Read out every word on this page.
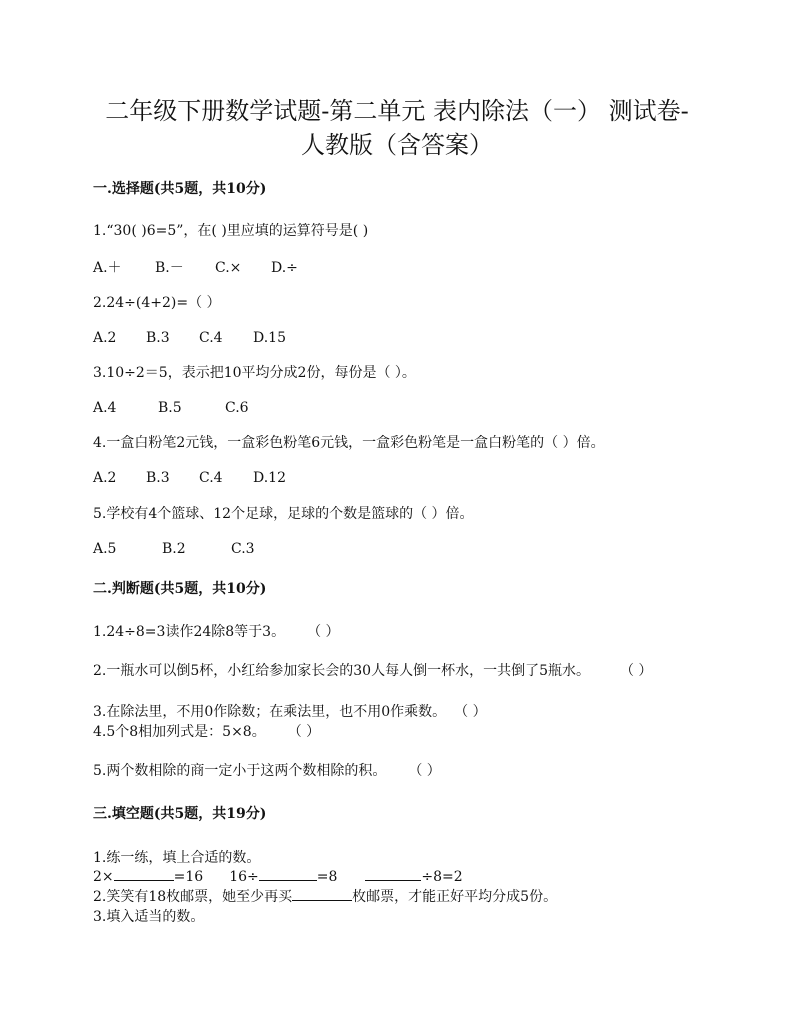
二年级下册数学试题-第二单元 表内除法（一） 测试卷-
人教版（含答案）
一.选择题(共5题，共10分)
1.“30( )6=5”，在( )里应填的运算符号是( )
A.＋ B.－ C.× D.÷
2.24÷(4+2)=（ ）
A.2 B.3 C.4 D.15
3.10÷2＝5，表示把10平均分成2份，每份是（ ）。
A.4	B.5	C.6
4.一盒白粉笔2元钱，一盒彩色粉笔6元钱，一盒彩色粉笔是一盒白粉笔的（ ）倍。
A.2 B.3 C.4 D.12
5.学校有4个篮球、12个足球，足球的个数是篮球的（ ）倍。
A.5	B.2	C.3
二.判断题(共5题，共10分)
1.24÷8=3读作24除8等于3。 （ ）
2.一瓶水可以倒5杯，小红给参加家长会的30人每人倒一杯水，一共倒了5瓶水。 （ ）
3.在除法里，不用0作除数；在乘法里，也不用0作乘数。 （ ）
4.5个8相加列式是：5×8。 （ ）
5.两个数相除的商一定小于这两个数相除的积。 （ ）
三.填空题(共5题，共19分)
1.练一练，填上合适的数。
2×	=16 16÷	=8	÷8=2
2.笑笑有18枚邮票，她至少再买	枚邮票，才能正好平均分成5份。
3.填入适当的数。
